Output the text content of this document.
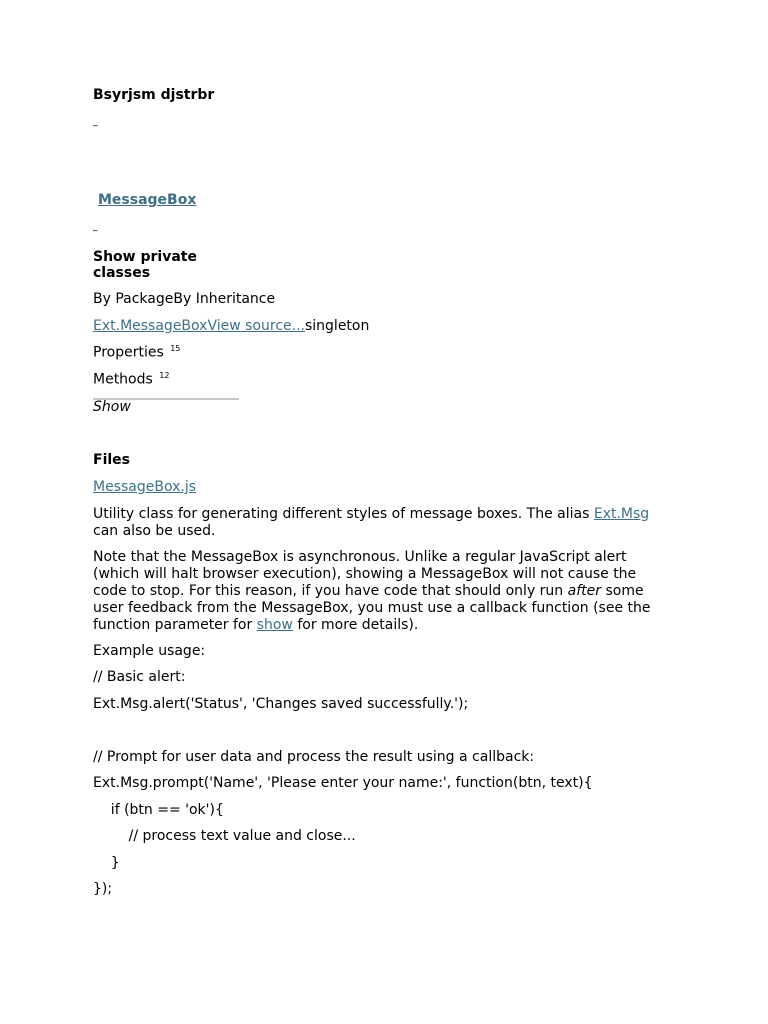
Bsyrjsm djstrbr
_
MessageBox
_
Show private
classes
By PackageBy Inheritance
Ext.MessageBoxView source...singleton
Properties $^{15}$
Methods $^{12}$
Show
Files
MessageBox.js
Utility class for generating different styles of message boxes. The alias Ext.Msg can also be used.
Note that the MessageBox is asynchronous. Unlike a regular JavaScript alert (which will halt browser execution), showing a MessageBox will not cause the code to stop. For this reason, if you have code that should only run after some user feedback from the MessageBox, you must use a callback function (see the function parameter for show for more details).
Example usage:
// Basic alert:
Ext.Msg.alert('Status', 'Changes saved successfully.');
// Prompt for user data and process the result using a callback:
Ext.Msg.prompt('Name', 'Please enter your name:', function(btn, text){
if (btn == 'ok'){
// process text value and close...
}
});
